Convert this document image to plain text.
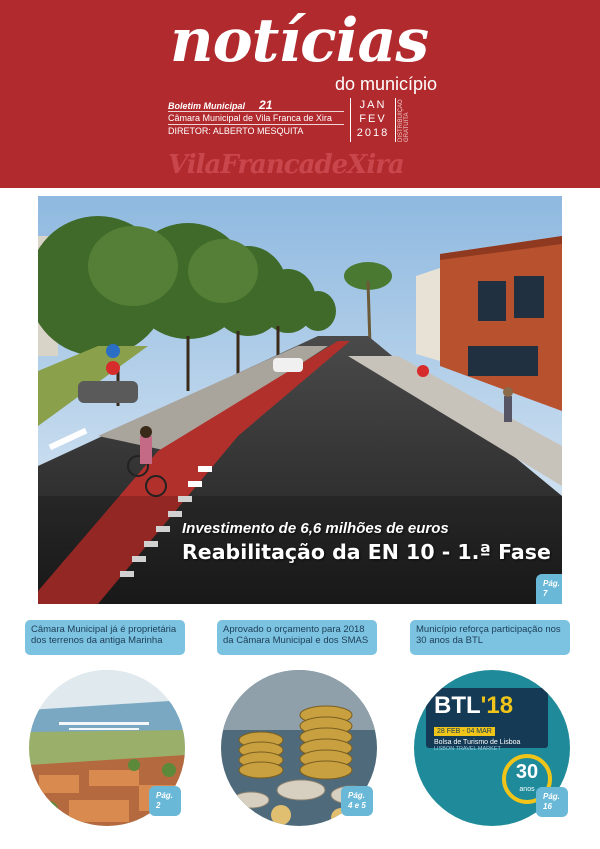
notícias
do município
Boletim Municipal 21
Câmara Municipal de Vila Franca de Xira
DIRETOR: ALBERTO MESQUITA
JAN
FEV
2018	DISTRIBUIÇÃO GRATUITA
VilaFrancadeXira
Investimento de 6,6 milhões de euros
Reabilitação da EN 10 - 1.ª Fase
Pág.
7
Câmara Municipal já é proprietária dos terrenos da antiga Marinha
Pág.
2
Aprovado o orçamento para 2018 da Câmara Municipal e dos SMAS
Pág.
4 e 5
Município reforça participação nos 30 anos da BTL
BTL'18
28 FEB - 04 MAR
Bolsa de Turismo de Lisboa
LISBON TRAVEL MARKET
30
anos
Pág.
16
